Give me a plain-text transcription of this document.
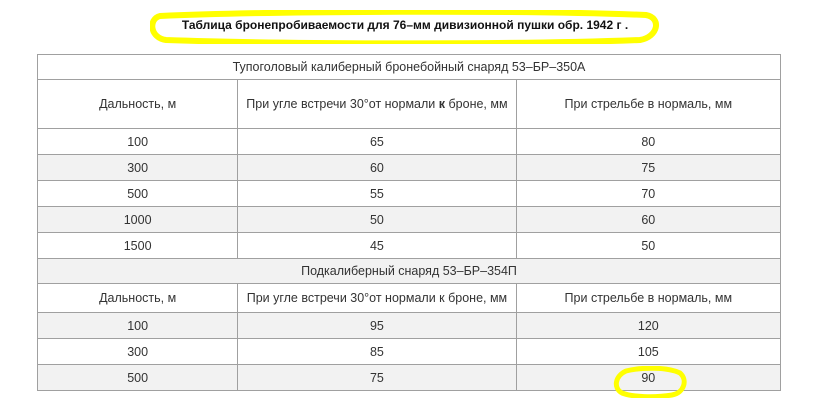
Таблица бронепробиваемости для 76–мм дивизионной пушки обр. 1942 г .
Тупоголовый калиберный бронебойный снаряд 53–БР–350А		
Дальность, м	При угле встречи 30°от нормали к броне, мм	При стрельбе в нормаль, мм
100	65	80
300	60	75
500	55	70
1000	50	60
1500	45	50
Подкалиберный снаряд 53–БР–354П		
Дальность, м	При угле встречи 30°от нормали к броне, мм	При стрельбе в нормаль, мм
100	95	120
300	85	105
500	75	90
